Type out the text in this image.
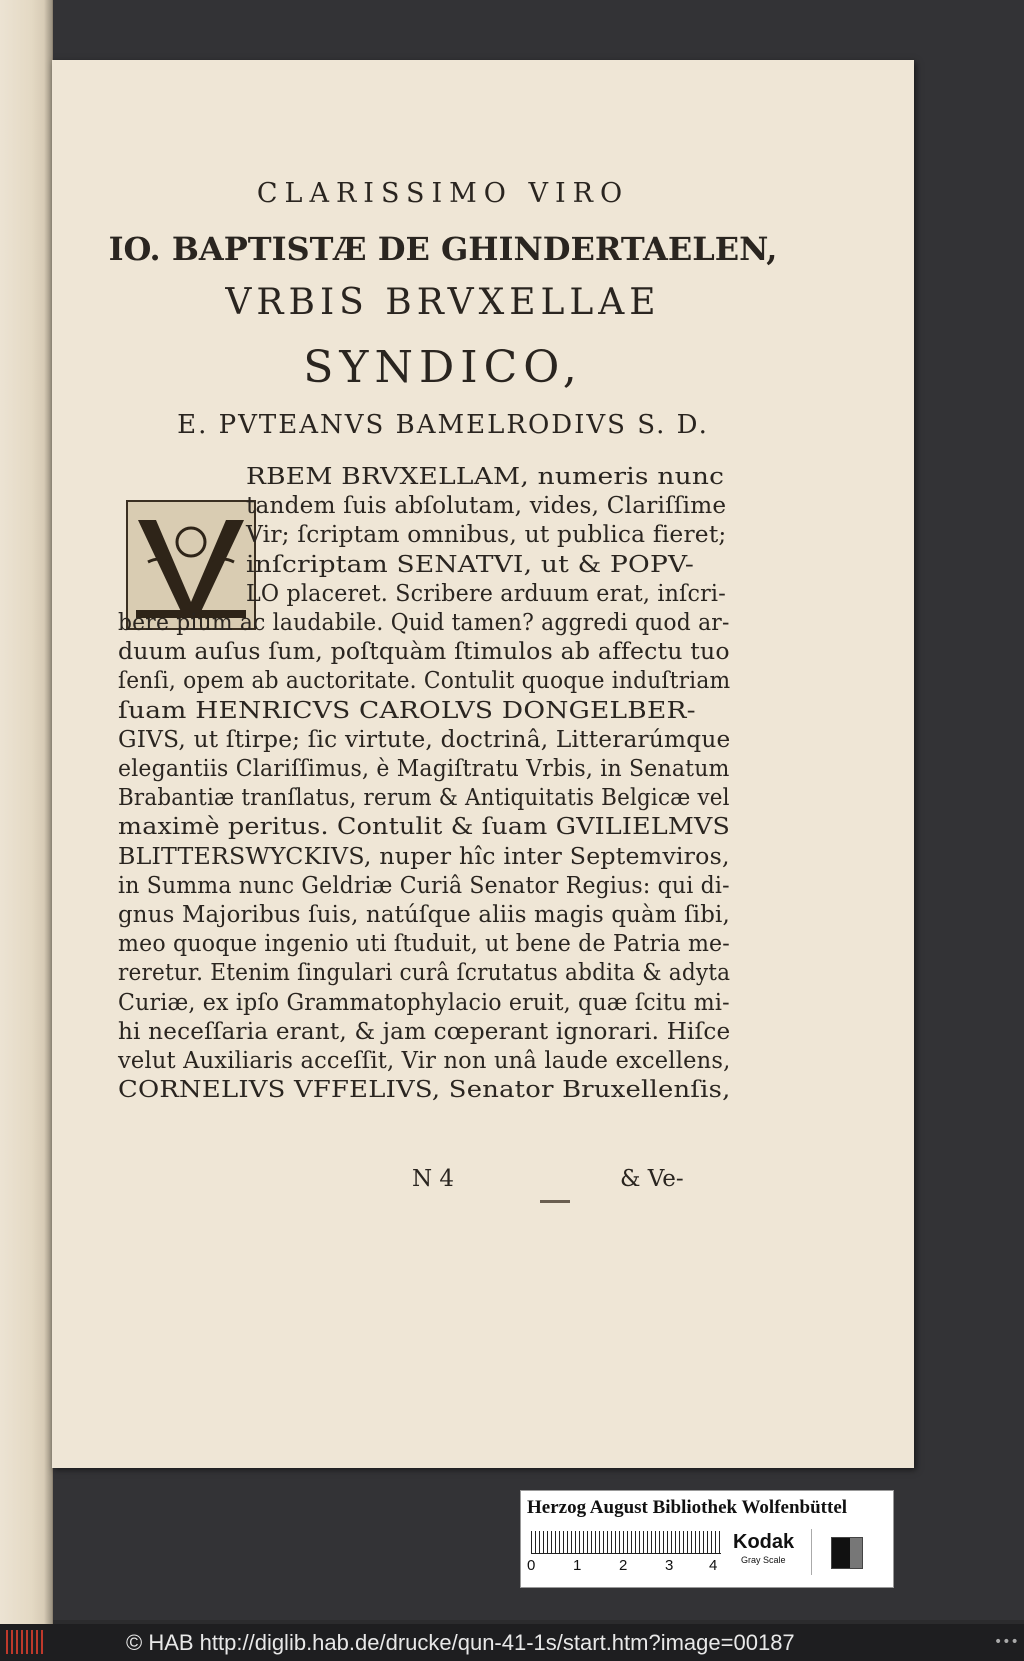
CLARISSIMO VIRO
IO. BAPTISTÆ DE GHINDERTAELEN,
VRBIS BRVXELLAE
SYNDICO,
E. PVTEANVS BAMELRODIVS S. D.
RBEM BRVXELLAM, numeris nunc
tandem ſuis abſolutam, vides, Clariſſime
Vir; ſcriptam omnibus, ut publica fieret;
inſcriptam SENATVI, ut & POPV-
LO placeret. Scribere arduum erat, inſcri-
bere pium ac laudabile. Quid tamen? aggredi quod ar-
duum auſus ſum, poſtquàm ſtimulos ab affectu tuo
ſenſi, opem ab auctoritate. Contulit quoque induſtriam
ſuam HENRICVS CAROLVS DONGELBER-
GIVS, ut ſtirpe; ſic virtute, doctrinâ, Litterarúmque
elegantiis Clariſſimus, è Magiſtratu Vrbis, in Senatum
Brabantiæ tranſlatus, rerum & Antiquitatis Belgicæ vel
maximè peritus. Contulit & ſuam GVILIELMVS
BLITTERSWYCKIVS, nuper hîc inter Septemviros,
in Summa nunc Geldriæ Curiâ Senator Regius: qui di-
gnus Majoribus ſuis, natúſque aliis magis quàm ſibi,
meo quoque ingenio uti ſtuduit, ut bene de Patria me-
reretur. Etenim ſingulari curâ ſcrutatus abdita & adyta
Curiæ, ex ipſo Grammatophylacio eruit, quæ ſcitu mi-
hi neceſſaria erant, & jam cœperant ignorari. Hiſce
velut Auxiliaris acceſſit, Vir non unâ laude excellens,
CORNELIVS VFFELIVS, Senator Bruxellenſis,
N 4	& Ve-
Herzog August Bibliothek Wolfenbüttel
0	1	2	3 4
Kodak
Gray Scale
© HAB http://diglib.hab.de/drucke/qun-41-1s/start.htm?image=00187	•••
